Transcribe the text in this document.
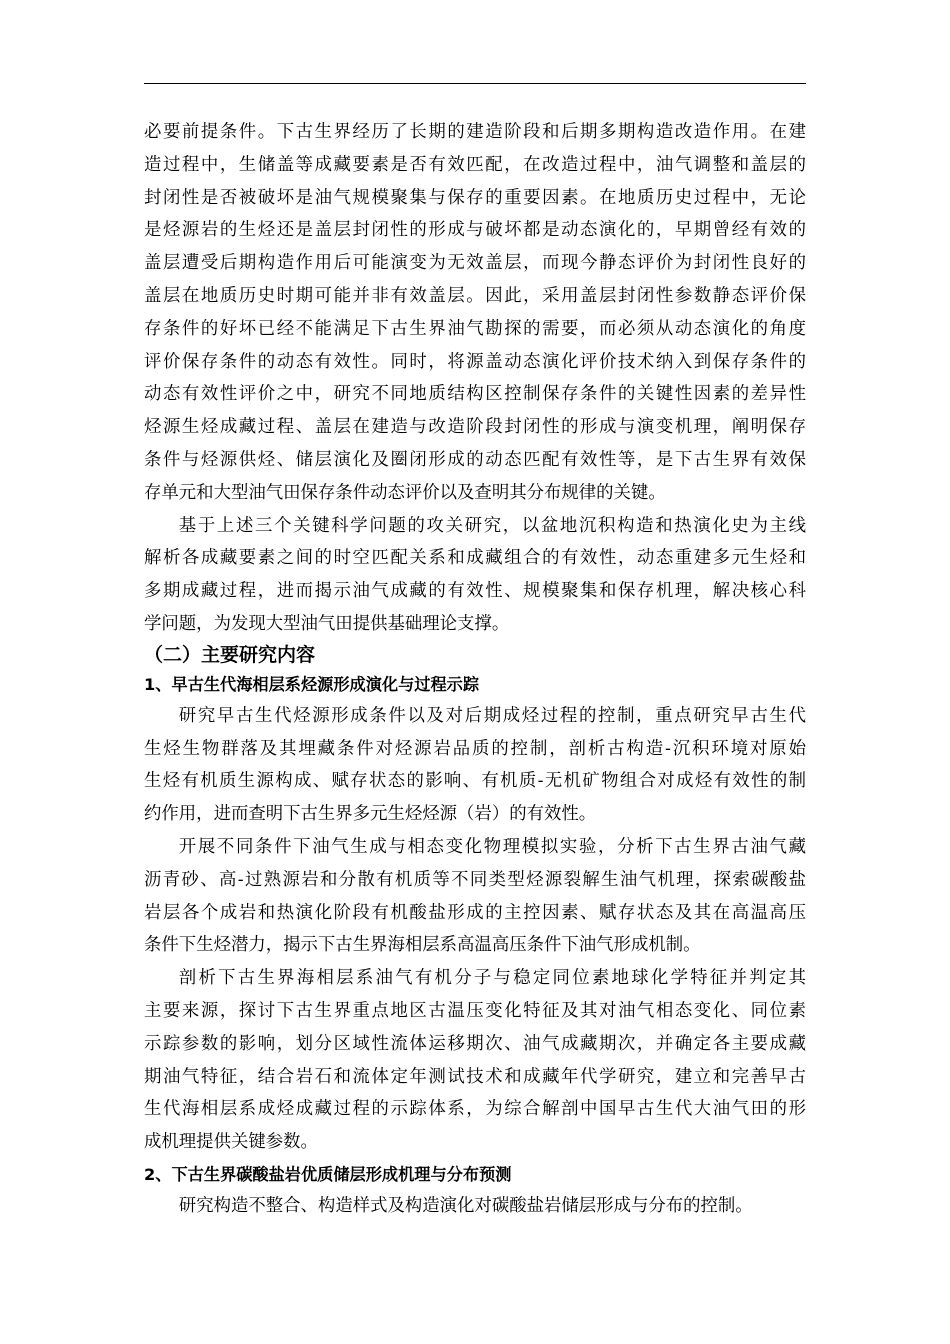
必要前提条件。下古生界经历了长期的建造阶段和后期多期构造改造作用。在建
造过程中，生储盖等成藏要素是否有效匹配，在改造过程中，油气调整和盖层的
封闭性是否被破坏是油气规模聚集与保存的重要因素。在地质历史过程中，无论
是烃源岩的生烃还是盖层封闭性的形成与破坏都是动态演化的，早期曾经有效的
盖层遭受后期构造作用后可能演变为无效盖层，而现今静态评价为封闭性良好的
盖层在地质历史时期可能并非有效盖层。因此，采用盖层封闭性参数静态评价保
存条件的好坏已经不能满足下古生界油气勘探的需要，而必须从动态演化的角度
评价保存条件的动态有效性。同时，将源盖动态演化评价技术纳入到保存条件的
动态有效性评价之中，研究不同地质结构区控制保存条件的关键性因素的差异性
烃源生烃成藏过程、盖层在建造与改造阶段封闭性的形成与演变机理，阐明保存
条件与烃源供烃、储层演化及圈闭形成的动态匹配有效性等，是下古生界有效保
存单元和大型油气田保存条件动态评价以及查明其分布规律的关键。
基于上述三个关键科学问题的攻关研究，以盆地沉积构造和热演化史为主线
解析各成藏要素之间的时空匹配关系和成藏组合的有效性，动态重建多元生烃和
多期成藏过程，进而揭示油气成藏的有效性、规模聚集和保存机理，解决核心科
学问题，为发现大型油气田提供基础理论支撑。
（二）主要研究内容
1、早古生代海相层系烃源形成演化与过程示踪
研究早古生代烃源形成条件以及对后期成烃过程的控制，重点研究早古生代
生烃生物群落及其埋藏条件对烃源岩品质的控制，剖析古构造-沉积环境对原始
生烃有机质生源构成、赋存状态的影响、有机质-无机矿物组合对成烃有效性的制
约作用，进而查明下古生界多元生烃烃源（岩）的有效性。
开展不同条件下油气生成与相态变化物理模拟实验，分析下古生界古油气藏
沥青砂、高-过熟源岩和分散有机质等不同类型烃源裂解生油气机理，探索碳酸盐
岩层各个成岩和热演化阶段有机酸盐形成的主控因素、赋存状态及其在高温高压
条件下生烃潜力，揭示下古生界海相层系高温高压条件下油气形成机制。
剖析下古生界海相层系油气有机分子与稳定同位素地球化学特征并判定其
主要来源，探讨下古生界重点地区古温压变化特征及其对油气相态变化、同位素
示踪参数的影响，划分区域性流体运移期次、油气成藏期次，并确定各主要成藏
期油气特征，结合岩石和流体定年测试技术和成藏年代学研究，建立和完善早古
生代海相层系成烃成藏过程的示踪体系，为综合解剖中国早古生代大油气田的形
成机理提供关键参数。
2、下古生界碳酸盐岩优质储层形成机理与分布预测
研究构造不整合、构造样式及构造演化对碳酸盐岩储层形成与分布的控制。
